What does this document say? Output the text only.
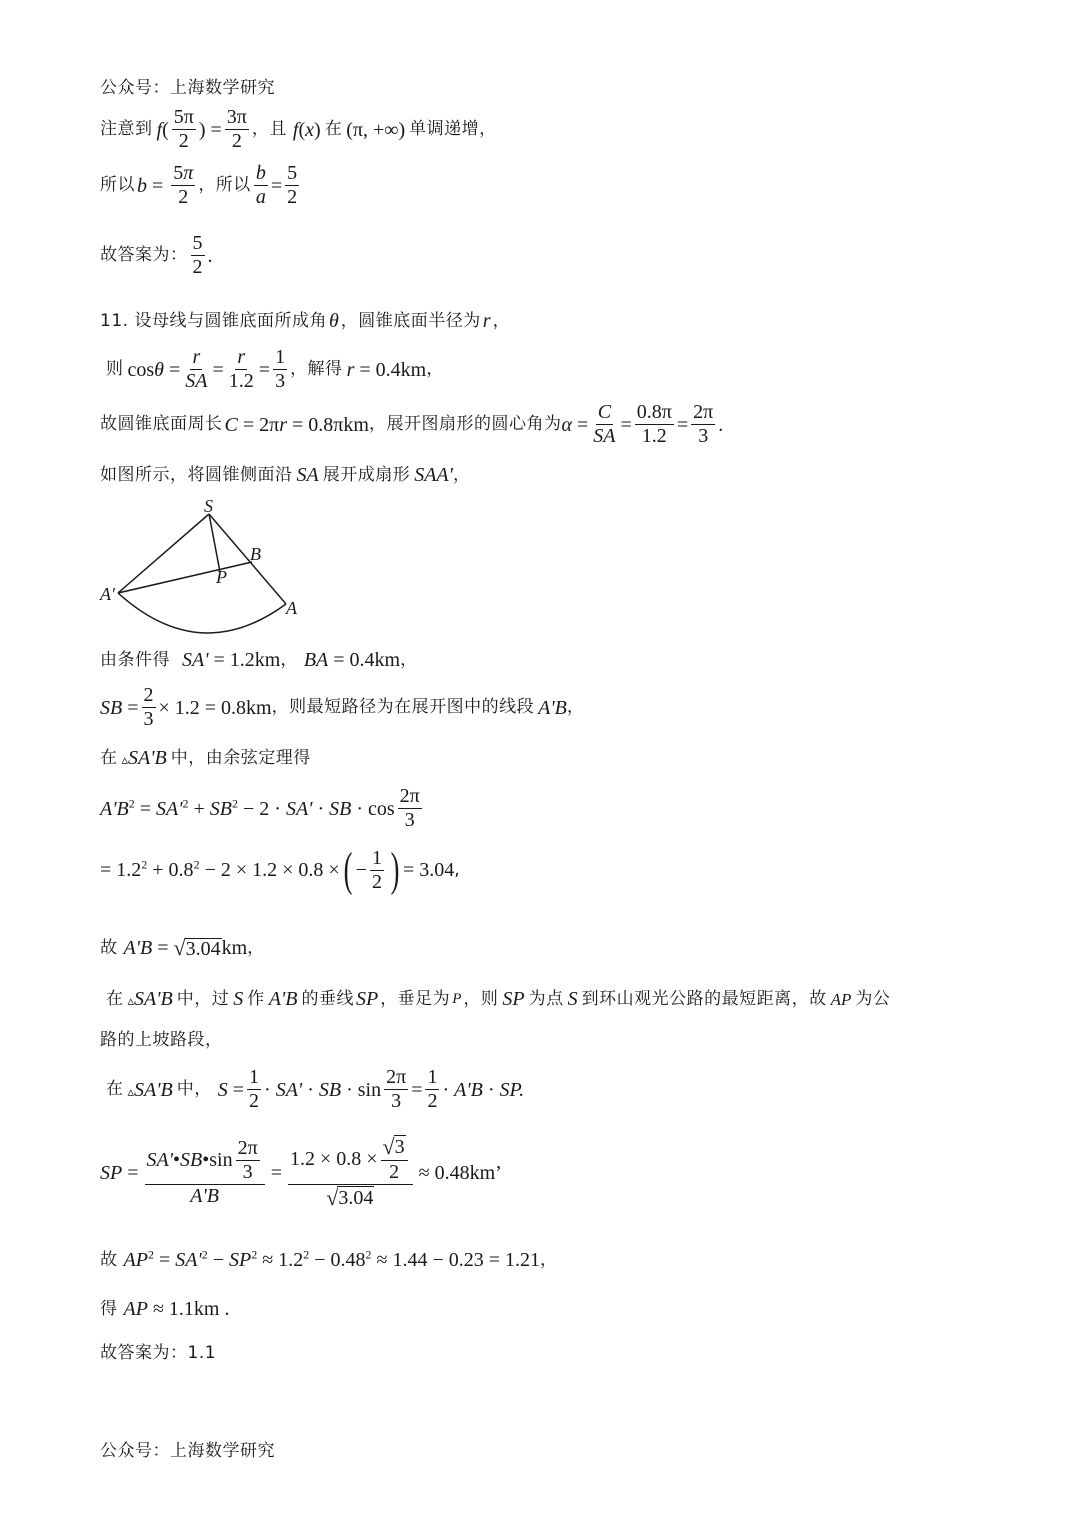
公众号：上海数学研究
注意到 f ( $\frac{5\pi}{2}$ ) = $\frac{3\pi}{2}$ ，且 f (x) 在 (π, +∞) 单调递增，
所以 $b = \frac{5\pi}{2}$ ，所以 $\frac{b}{a} = \frac{5}{2}$
故答案为： $\frac{5}{2}$ .
11. 设母线与圆锥底面所成角 θ ，圆锥底面半径为 r ，
则 $\cos\theta = \frac{r}{SA} = \frac{r}{1.2} = \frac{1}{3}$ ，解得 r = 0.4km ，
故圆锥底面周长 C = 2πr = 0.8πkm ，展开图扇形的圆心角为 $\alpha = \frac{C}{SA} = \frac{0.8\pi}{1.2} = \frac{2\pi}{3}$ .
如图所示，将圆锥侧面沿 SA 展开成扇形 SAA' ，
S
B
P
A′
A
由条件得 SA' = 1.2km ， BA = 0.4km ，
SB = $\frac{2}{3} \times 1.2 = 0.8km$ ，则最短路径为在展开图中的线段 A'B ，
在 ▵SA'B 中，由余弦定理得
$A'B^2 = SA'^2 + SB^2 - 2 \cdot SA'$ · SB · $\cos \frac{2\pi}{3}$
= $1.2^2 + 0.8^2 - 2 \times 1.2 \times 0.8$ × ( − $\frac{1}{2}$ ) = 3.04 ,
故 A'B = √ 3.04 km ，
在 ▵SA'B 中，过 S 作 A'B 的垂线 SP ，垂足为 P ，则 SP 为点 S 到环山观光公路的最短距离，故 AP 为公
路的上坡路段，
在 ▵SA'B 中， $S = \frac{1}{2} \cdot SA'$ · SB · $\sin \frac{2\pi}{3} = \frac{1}{2} \cdot A'B$ · SP.
SP = $\frac{SA' • SB •\sin \frac{2\pi}{3}}{A'B} = \frac{1.2 \times 0.8 \times \frac{√ 3}{2}}{√ 3.04} \approx 0.48km$’
故 $AP^2 = SA'^2 - SP^2 \approx 1.2^2 - 0.48^2 \approx 1.44 - 0.23 = 1.21$ ，
得 AP ≈ 1.1km .
故答案为：1.1
公众号：上海数学研究
